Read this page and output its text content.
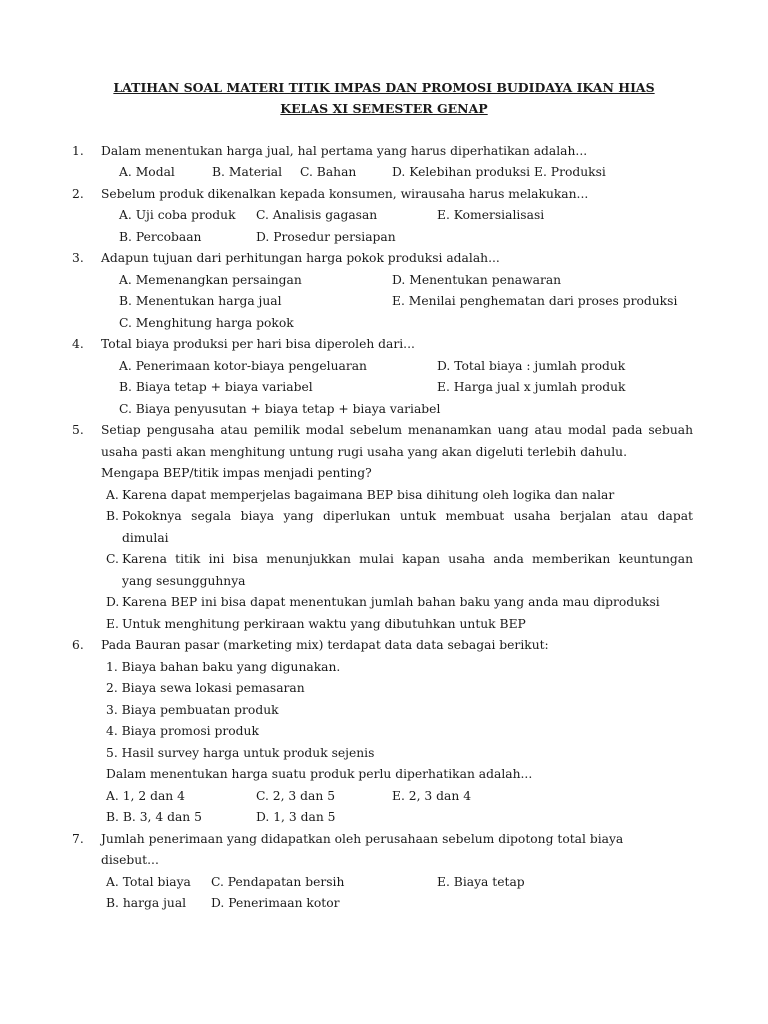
LATIHAN SOAL MATERI TITIK IMPAS DAN PROMOSI BUDIDAYA IKAN HIAS
KELAS XI SEMESTER GENAP
1. Dalam menentukan harga jual, hal pertama yang harus diperhatikan adalah...
A. Modal	B. Material C. Bahan	D. Kelebihan produksi E. Produksi
2. Sebelum produk dikenalkan kepada konsumen, wirausaha harus melakukan...
A. Uji coba produk C. Analisis gagasan	E. Komersialisasi
B. Percobaan	D. Prosedur persiapan
3. Adapun tujuan dari perhitungan harga pokok produksi adalah...
A. Memenangkan persaingan	D. Menentukan penawaran
B. Menentukan harga jual	E. Menilai penghematan dari proses produksi
C. Menghitung harga pokok
4. Total biaya produksi per hari bisa diperoleh dari...
A. Penerimaan kotor-biaya pengeluaran	D. Total biaya : jumlah produk
B. Biaya tetap + biaya variabel	E. Harga jual x jumlah produk
C. Biaya penyusutan + biaya tetap + biaya variabel
5. Setiap pengusaha atau pemilik modal sebelum menanamkan uang atau modal pada sebuah
usaha pasti akan menghitung untung rugi usaha yang akan digeluti terlebih dahulu.
Mengapa BEP/titik impas menjadi penting?
A. Karena dapat memperjelas bagaimana BEP bisa dihitung oleh logika dan nalar
B. Pokoknya segala biaya yang diperlukan untuk membuat usaha berjalan atau dapat
dimulai
C. Karena titik ini bisa menunjukkan mulai kapan usaha anda memberikan keuntungan
yang sesungguhnya
D. Karena BEP ini bisa dapat menentukan jumlah bahan baku yang anda mau diproduksi
E. Untuk menghitung perkiraan waktu yang dibutuhkan untuk BEP
6. Pada Bauran pasar (marketing mix) terdapat data data sebagai berikut:
1. Biaya bahan baku yang digunakan.
2. Biaya sewa lokasi pemasaran
3. Biaya pembuatan produk
4. Biaya promosi produk
5. Hasil survey harga untuk produk sejenis
Dalam menentukan harga suatu produk perlu diperhatikan adalah...
A. 1, 2 dan 4	C. 2, 3 dan 5	E. 2, 3 dan 4
B. B. 3, 4 dan 5	D. 1, 3 dan 5
7. Jumlah penerimaan yang didapatkan oleh perusahaan sebelum dipotong total biaya
disebut...
A. Total biaya C. Pendapatan bersih	E. Biaya tetap
B. harga jual D. Penerimaan kotor
